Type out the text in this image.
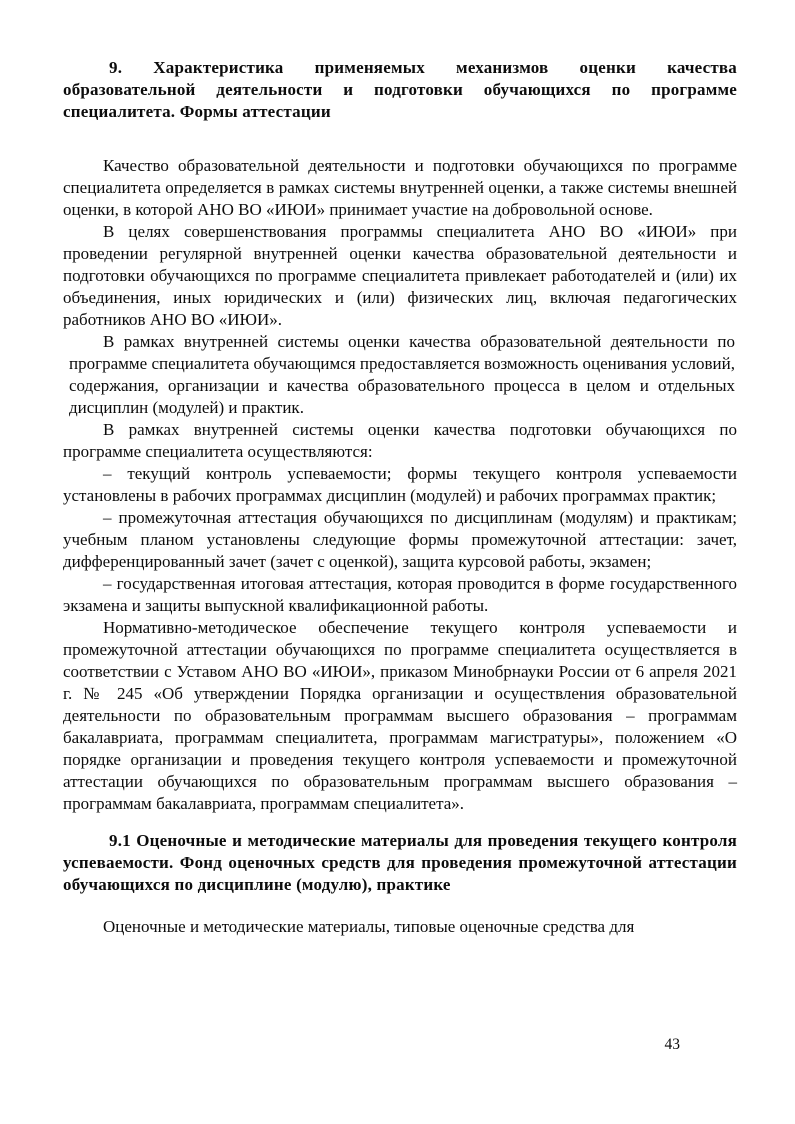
9. Характеристика применяемых механизмов оценки качества образовательной деятельности и подготовки обучающихся по программе специалитета. Формы аттестации

Качество образовательной деятельности и подготовки обучающихся по программе специалитета определяется в рамках системы внутренней оценки, а также системы внешней оценки, в которой АНО ВО «ИЮИ» принимает участие на добровольной основе.

В целях совершенствования программы специалитета АНО ВО «ИЮИ» при проведении регулярной внутренней оценки качества образовательной деятельности и подготовки обучающихся по программе специалитета привлекает работодателей и (или) их объединения, иных юридических и (или) физических лиц, включая педагогических работников АНО ВО «ИЮИ».

В рамках внутренней системы оценки качества образовательной деятельности по программе специалитета обучающимся предоставляется возможность оценивания условий, содержания, организации и качества образовательного процесса в целом и отдельных дисциплин (модулей) и практик.

В рамках внутренней системы оценки качества подготовки обучающихся по программе специалитета осуществляются:

– текущий контроль успеваемости; формы текущего контроля успеваемости установлены в рабочих программах дисциплин (модулей) и рабочих программах практик;

– промежуточная аттестация обучающихся по дисциплинам (модулям) и практикам; учебным планом установлены следующие формы промежуточной аттестации: зачет, дифференцированный зачет (зачет с оценкой), защита курсовой работы, экзамен;

– государственная итоговая аттестация, которая проводится в форме государственного экзамена и защиты выпускной квалификационной работы.

Нормативно-методическое обеспечение текущего контроля успеваемости и промежуточной аттестации обучающихся по программе специалитета осуществляется в соответствии с Уставом АНО ВО «ИЮИ», приказом Минобрнауки России от 6 апреля 2021 г. № 245 «Об утверждении Порядка организации и осуществления образовательной деятельности по образовательным программам высшего образования – программам бакалавриата, программам специалитета, программам магистратуры», положением «О порядке организации и проведения текущего контроля успеваемости и промежуточной аттестации обучающихся по образовательным программам высшего образования – программам бакалавриата, программам специалитета».

9.1 Оценочные и методические материалы для проведения текущего контроля успеваемости. Фонд оценочных средств для проведения промежуточной аттестации обучающихся по дисциплине (модулю), практике

Оценочные и методические материалы, типовые оценочные средства для

43
